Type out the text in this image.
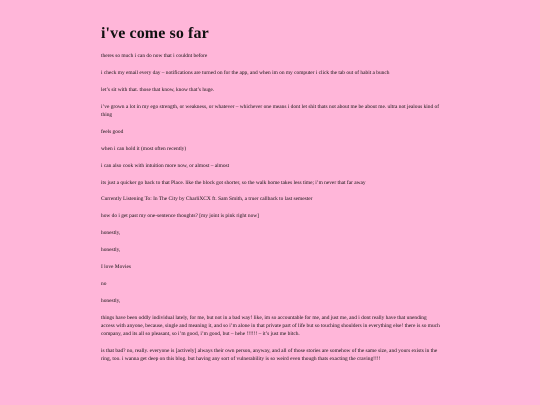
i've come so far

theres so much i can do now that i couldnt before

i check my email every day – notifications are turned on for the app, and when im on my computer i click the tab out of habit a bunch

let’s sit with that. those that know, know that’s huge.

i’ve grown a lot in my ego strength, or weakness, or whatever – whichever one means i dont let shit thats not about me be about me. ultra not jealous kind of thing

feels good

when i can hold it (most often recently)

i can also cook with intuition more now, or almost – almost

its just a quicker go back to that Place. like the block got shorter, so the walk home takes less time; i’m never that far away

Currently Listening To: In The City by CharliXCX ft. Sam Smith, a truer callback to last semester

how do i get past my one-sentence thoughts? [my joint is pink right now]

honestly,

honestly,

I love Movies

no

honestly,

things have been oddly individual lately, for me, but not in a bad way! like, im so accountable for me, and just me, and i dont really have that unending access with anyone, because, single and meaning it, and so i’m alone in that private part of life but so touching shoulders in everything else! there is so much company, and its all so pleasant, so i’m good, i’m good, but – hehe !!!!!! – it’s just me bitch.

is that bad? no, really. everyone is [actively] always their own person, anyway, and all of those stories are somehow of the same size, and yours exists in the ring, too. i wanna get deep on this blog. but having any sort of vulnerability is so weird even though thats exacting the craving!!!!
